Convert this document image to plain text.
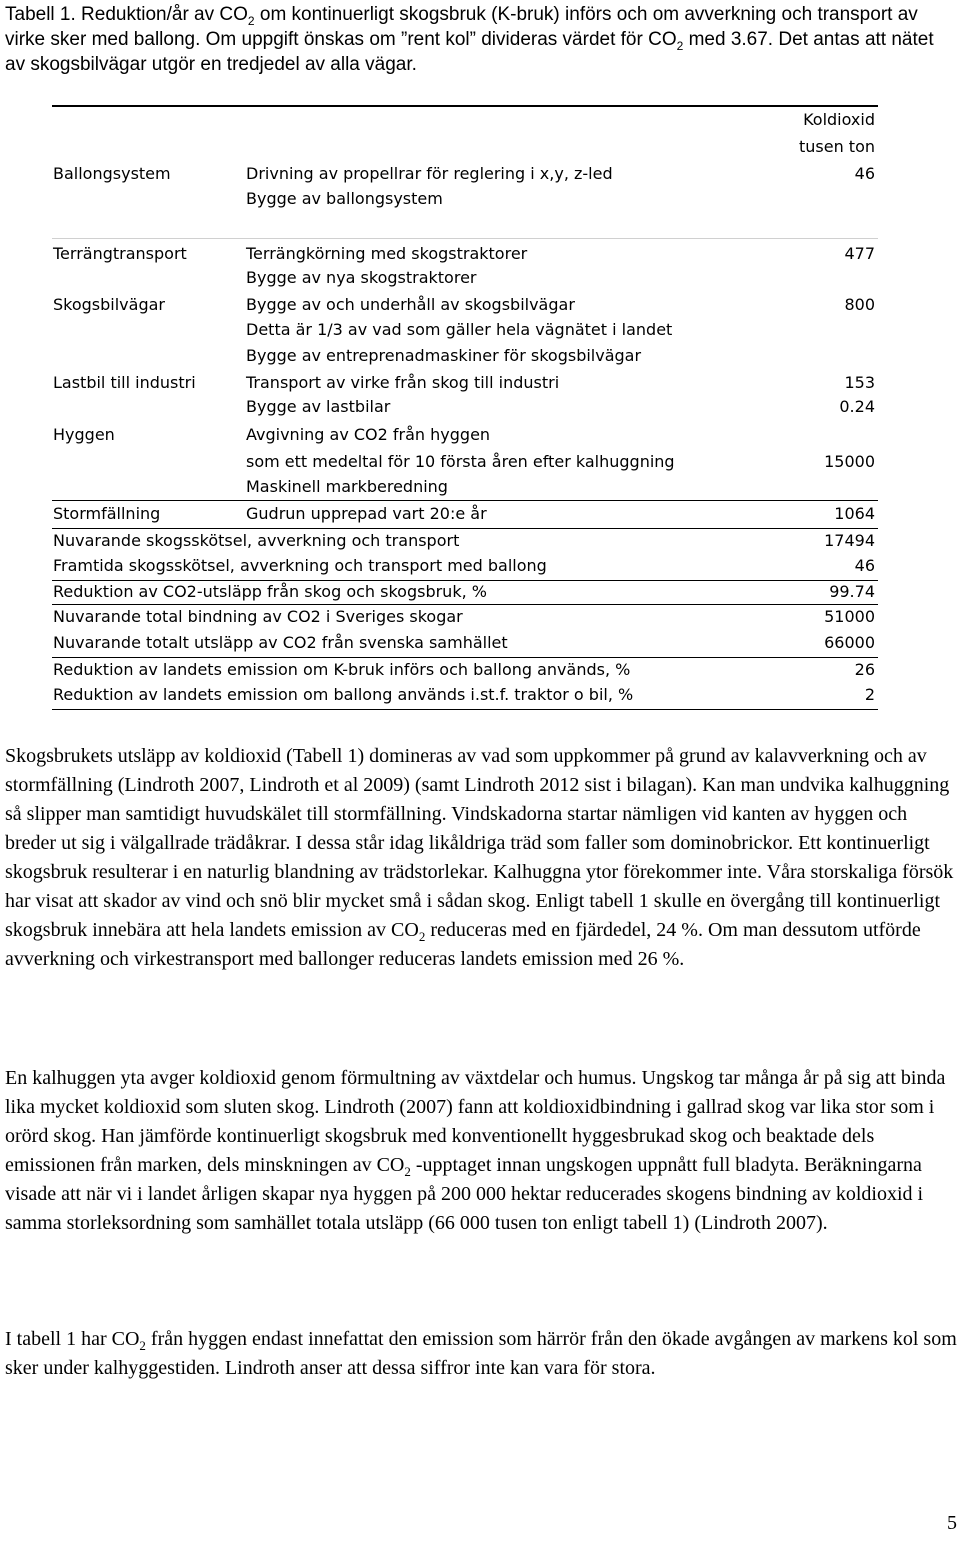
Tabell 1. Reduktion/år av $CO_2$ om kontinuerligt skogsbruk (K-bruk) införs och om avverkning och transport av virke sker med ballong. Om uppgift önskas om ”rent kol” divideras värdet för $CO_2$ med 3.67. Det antas att nätet av skogsbilvägar utgör en tredjedel av alla vägar.
Koldioxid
tusen ton
Ballongsystem	Drivning av propellrar för reglering i x,y, z-led	46
Bygge av ballongsystem
Terrängtransport	Terrängkörning med skogstraktorer	477
Bygge av nya skogstraktorer
Skogsbilvägar	Bygge av och underhåll av skogsbilvägar	800
Detta är 1/3 av vad som gäller hela vägnätet i landet
Bygge av entreprenadmaskiner för skogsbilvägar
Lastbil till industri	Transport av virke från skog till industri	153
Bygge av lastbilar	0.24
Hyggen	Avgivning av CO2 från hyggen
som ett medeltal för 10 första åren efter kalhuggning	15000
Maskinell markberedning
Stormfällning	Gudrun upprepad vart 20:e år	1064
Nuvarande skogsskötsel, avverkning och transport	17494
Framtida skogsskötsel, avverkning och transport med ballong	46
Reduktion av CO2-utsläpp från skog och skogsbruk, %	99.74
Nuvarande total bindning av CO2 i Sveriges skogar	51000
Nuvarande totalt utsläpp av CO2 från svenska samhället	66000
Reduktion av landets emission om K-bruk införs och ballong används, %	26
Reduktion av landets emission om ballong används i.st.f. traktor o bil, %	2

Skogsbrukets utsläpp av koldioxid (Tabell 1) domineras av vad som uppkommer på grund av kalavverkning och av stormfällning (Lindroth 2007, Lindroth et al 2009) (samt Lindroth 2012 sist i bilagan). Kan man undvika kalhuggning så slipper man samtidigt huvudskälet till stormfällning. Vindskadorna startar nämligen vid kanten av hyggen och breder ut sig i välgallrade trädåkrar. I dessa står idag likåldriga träd som faller som dominobrickor. Ett kontinuerligt skogsbruk resulterar i en naturlig blandning av trädstorlekar. Kalhuggna ytor förekommer inte. Våra storskaliga försök har visat att skador av vind och snö blir mycket små i sådan skog. Enligt tabell 1 skulle en övergång till kontinuerligt skogsbruk innebära att hela landets emission av $CO_2$ reduceras med en fjärdedel, 24 %. Om man dessutom utförde avverkning och virkestransport med ballonger reduceras landets emission med 26 %.

En kalhuggen yta avger koldioxid genom förmultning av växtdelar och humus. Ungskog tar många år på sig att binda lika mycket koldioxid som sluten skog. Lindroth (2007) fann att koldioxidbindning i gallrad skog var lika stor som i orörd skog. Han jämförde kontinuerligt skogsbruk med konventionellt hyggesbrukad skog och beaktade dels emissionen från marken, dels minskningen av $CO_2$ -upptaget innan ungskogen uppnått full bladyta. Beräkningarna visade att när vi i landet årligen skapar nya hyggen på 200 000 hektar reducerades skogens bindning av koldioxid i samma storleksordning som samhället totala utsläpp (66 000 tusen ton enligt tabell 1) (Lindroth 2007).

I tabell 1 har $CO_2$ från hyggen endast innefattat den emission som härrör från den ökade avgången av markens kol som sker under kalhyggestiden. Lindroth anser att dessa siffror inte kan vara för stora.

5
